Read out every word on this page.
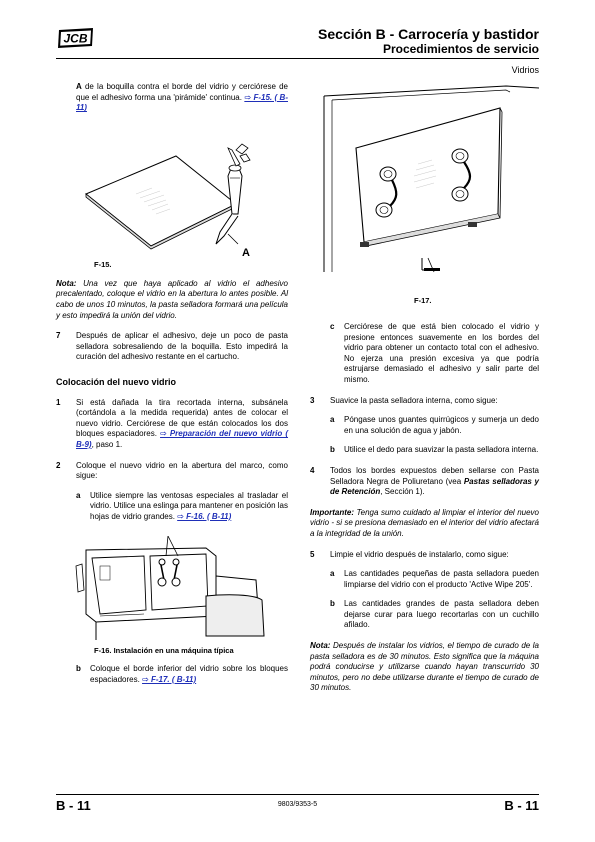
JCB	Sección B - Carrocería y bastidor
Procedimientos de servicio
Vidrios

A de la boquilla contra el borde del vidrio y cerciórese de que el adhesivo forma una 'pirámide' continua. ⇨ F-15. ( B-11)

A
F-15.

Nota: Una vez que haya aplicado al vidrio el adhesivo precalentado, coloque el vidrio en la abertura lo antes posible. Al cabo de unos 10 minutos, la pasta selladora formará una película y esto impedirá la unión del vidrio.

7	Después de aplicar el adhesivo, deje un poco de pasta selladora sobresaliendo de la boquilla. Esto impedirá la curación del adhesivo restante en el cartucho.
Colocación del nuevo vidrio
1	Si está dañada la tira recortada interna, subsánela (cortándola a la medida requerida) antes de colocar el nuevo vidrio. Cerciórese de que están colocados los dos bloques espaciadores. ⇨ Preparación del nuevo vidrio ( B-9), paso 1.
2	Coloque el nuevo vidrio en la abertura del marco, como sigue:
a	Utilice siempre las ventosas especiales al trasladar el vidrio. Utilice una eslinga para mantener en posición las hojas de vidrio grandes. ⇨ F-16. ( B-11)
F-16. Instalación en una máquina típica
b	Coloque el borde inferior del vidrio sobre los bloques espaciadores. ⇨ F-17. ( B-11)
F-17.
c	Cerciórese de que está bien colocado el vidrio y presione entonces suavemente en los bordes del vidrio para obtener un contacto total con el adhesivo. No ejerza una presión excesiva ya que podría estrujarse demasiado el adhesivo y salir parte del mismo.
3	Suavice la pasta selladora interna, como sigue:
a	Póngase unos guantes quirrúgicos y sumerja un dedo en una solución de agua y jabón.
b	Utilice el dedo para suavizar la pasta selladora interna.
4	Todos los bordes expuestos deben sellarse con Pasta Selladora Negra de Poliuretano (vea Pastas selladoras y de Retención, Sección 1).

Importante: Tenga sumo cuidado al limpiar el interior del nuevo vidrio - si se presiona demasiado en el interior del vidrio afectará a la integridad de la unión.

5	Limpie el vidrio después de instalarlo, como sigue:
a	Las cantidades pequeñas de pasta selladora pueden limpiarse del vidrio con el producto 'Active Wipe 205'.
b	Las cantidades grandes de pasta selladora deben dejarse curar para luego recortarlas con un cuchillo afilado.

Nota: Después de instalar los vidrios, el tiempo de curado de la pasta selladora es de 30 minutos. Esto significa que la máquina podrá conducirse y utilizarse cuando hayan transcurrido 30 minutos, pero no debe utilizarse durante el tiempo de curado de 30 minutos.

B - 11	9803/9353-5	B - 11
